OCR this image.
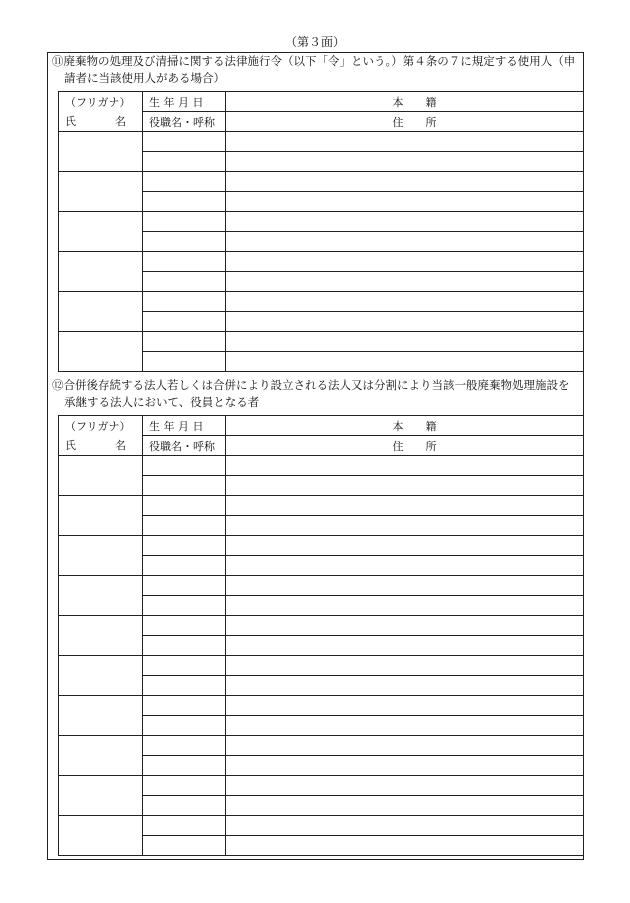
（第３面）
⑪廃棄物の処理及び清掃に関する法律施行令（以下「令」という。）第４条の７に規定する使用人（申
請者に当該使用人がある場合）
（フリガナ）	生 年 月 日	本 籍

氏 名	役職名・呼称	住 所

⑫合併後存続する法人若しくは合併により設立される法人又は分割により当該一般廃棄物処理施設を
承継する法人において、役員となる者
（フリガナ）	生 年 月 日	本 籍

氏 名	役職名・呼称	住 所
